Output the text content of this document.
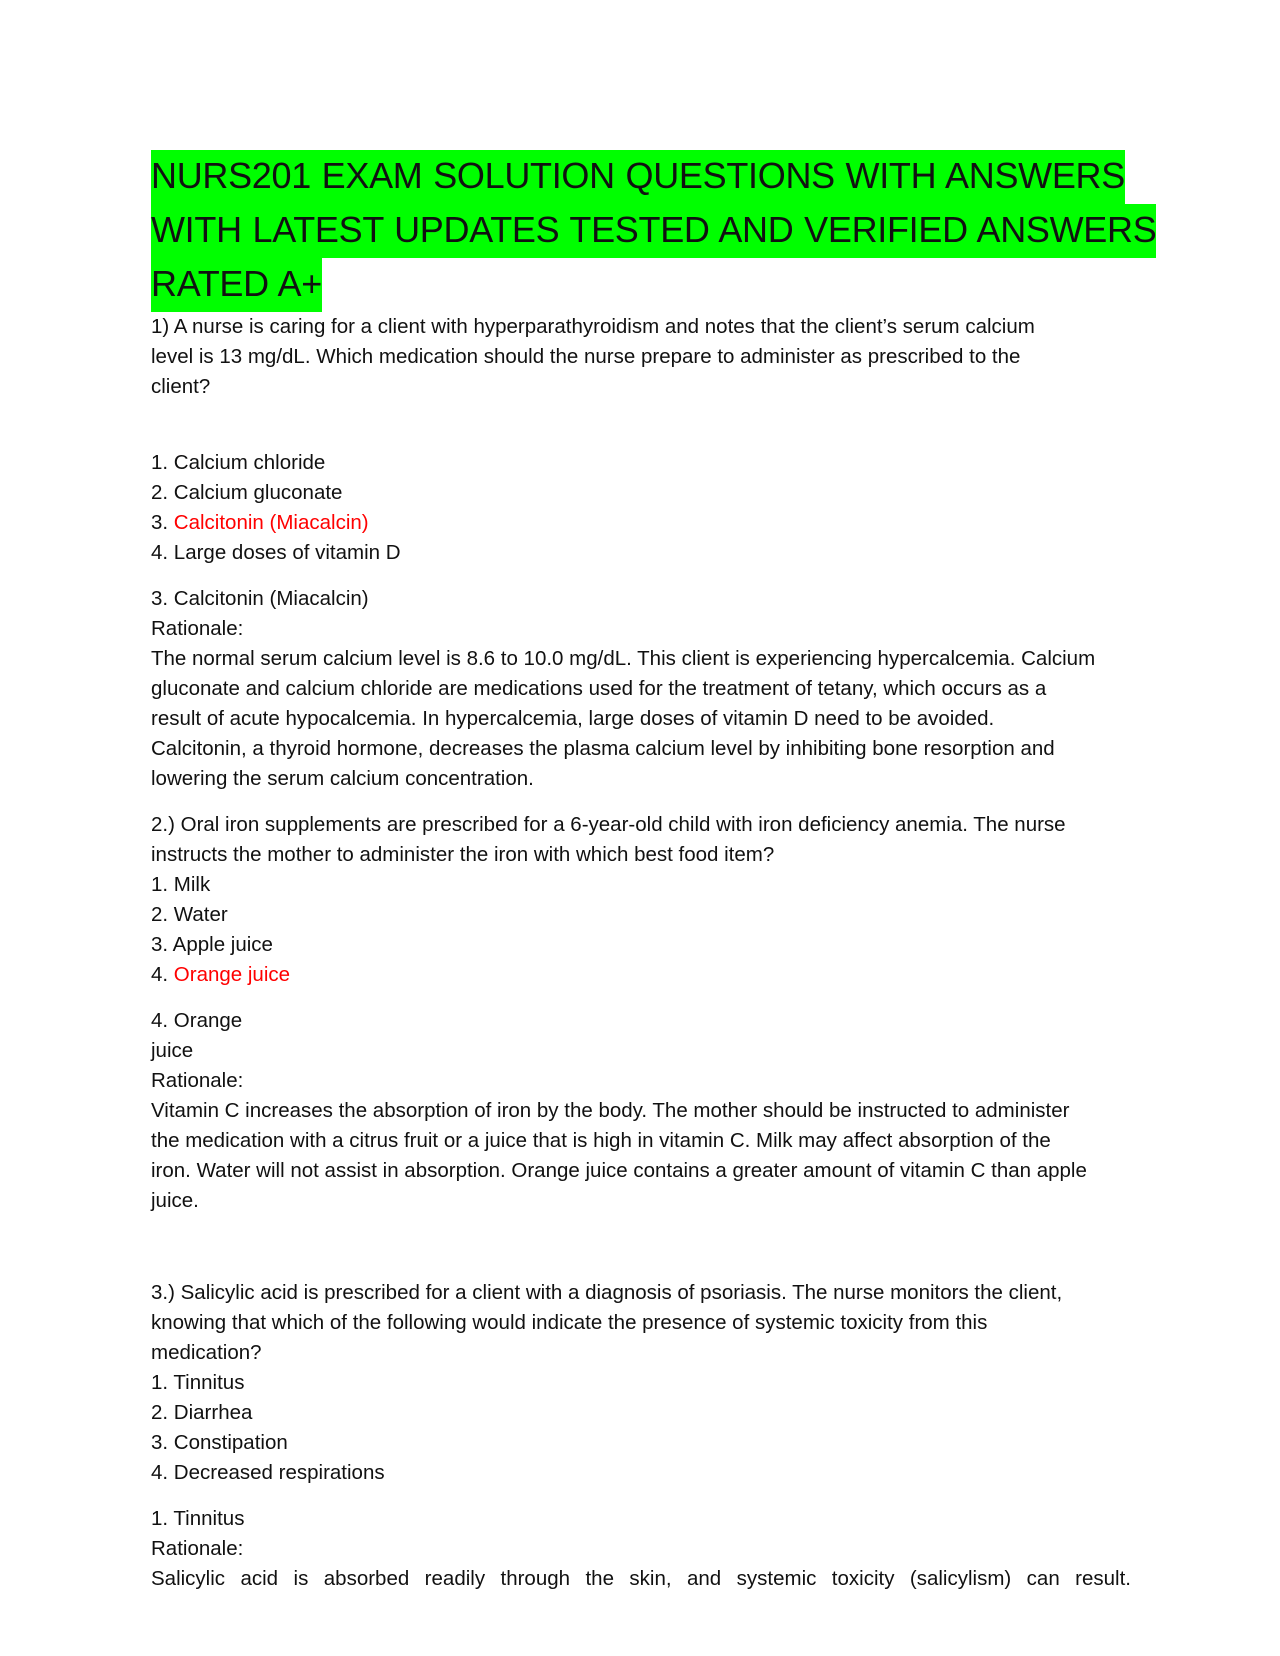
NURS201 EXAM SOLUTION QUESTIONS WITH ANSWERS
WITH LATEST UPDATES TESTED AND VERIFIED ANSWERS
RATED A+

1) A nurse is caring for a client with hyperparathyroidism and notes that the client’s serum calcium
level is 13 mg/dL. Which medication should the nurse prepare to administer as prescribed to the
client?

1. Calcium chloride
2. Calcium gluconate
3. Calcitonin (Miacalcin)
4. Large doses of vitamin D

3. Calcitonin (Miacalcin)
Rationale:
The normal serum calcium level is 8.6 to 10.0 mg/dL. This client is experiencing hypercalcemia. Calcium
gluconate and calcium chloride are medications used for the treatment of tetany, which occurs as a
result of acute hypocalcemia. In hypercalcemia, large doses of vitamin D need to be avoided.
Calcitonin, a thyroid hormone, decreases the plasma calcium level by inhibiting bone resorption and
lowering the serum calcium concentration.

2.) Oral iron supplements are prescribed for a 6-year-old child with iron deficiency anemia. The nurse
instructs the mother to administer the iron with which best food item?

1. Milk
2. Water
3. Apple juice
4. Orange juice

4. Orange
juice
Rationale:
Vitamin C increases the absorption of iron by the body. The mother should be instructed to administer
the medication with a citrus fruit or a juice that is high in vitamin C. Milk may affect absorption of the
iron. Water will not assist in absorption. Orange juice contains a greater amount of vitamin C than apple
juice.

3.) Salicylic acid is prescribed for a client with a diagnosis of psoriasis. The nurse monitors the client,
knowing that which of the following would indicate the presence of systemic toxicity from this
medication?

1. Tinnitus
2. Diarrhea
3. Constipation
4. Decreased respirations

1. Tinnitus
Rationale:
Salicylic acid is absorbed readily through the skin, and systemic toxicity (salicylism) can result.
